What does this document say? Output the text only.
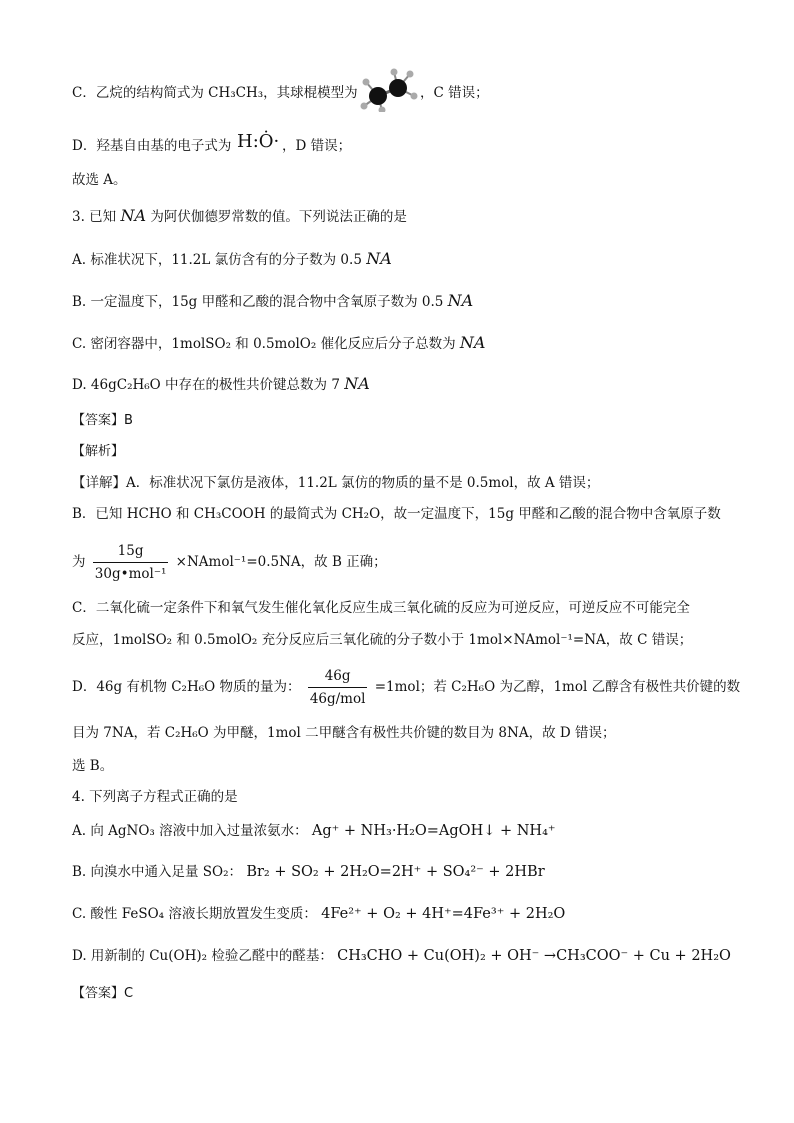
C．乙烷的结构简式为 CH₃CH₃，其球棍模型为	，C 错误；
D．羟基自由基的电子式为 H:Ȯ· ，D 错误；
故选 A。
3. 已知 NA 为阿伏伽德罗常数的值。下列说法正确的是
A. 标准状况下，11.2L 氯仿含有的分子数为 0.5 NA
B. 一定温度下，15g 甲醛和乙酸的混合物中含氧原子数为 0.5 NA
C. 密闭容器中，1molSO₂ 和 0.5molO₂ 催化反应后分子总数为 NA
D. 46gC₂H₆O 中存在的极性共价键总数为 7 NA
【答案】B
【解析】
【详解】A．标准状况下氯仿是液体，11.2L 氯仿的物质的量不是 0.5mol，故 A 错误；
B．已知 HCHO 和 CH₃COOH 的最简式为 CH₂O，故一定温度下，15g 甲醛和乙酸的混合物中含氧原子数
为 $\frac{15g}{\text{30g•mol⁻¹}}$ ×NAmol⁻¹=0.5NA，故 B 正确；
C．二氧化硫一定条件下和氧气发生催化氧化反应生成三氧化硫的反应为可逆反应，可逆反应不可能完全
反应，1molSO₂ 和 0.5molO₂ 充分反应后三氧化硫的分子数小于 1mol×NAmol⁻¹=NA，故 C 错误；
D．46g 有机物 C₂H₆O 物质的量为： $\frac{46g}{\text{46g/mol}} =1mol$；若 C₂H₆O 为乙醇，1mol 乙醇含有极性共价键的数
目为 7NA，若 C₂H₆O 为甲醚，1mol 二甲醚含有极性共价键的数目为 8NA，故 D 错误；
选 B。
4. 下列离子方程式正确的是
A. 向 AgNO₃ 溶液中加入过量浓氨水： Ag⁺ + NH₃·H₂O=AgOH↓ + NH₄⁺
B. 向溴水中通入足量 SO₂： Br₂ + SO₂ + 2H₂O=2H⁺ + SO₄²⁻ + 2HBr
C. 酸性 FeSO₄ 溶液长期放置发生变质： 4Fe²⁺ + O₂ + 4H⁺=4Fe³⁺ + 2H₂O
D. 用新制的 Cu(OH)₂ 检验乙醛中的醛基： CH₃CHO + Cu(OH)₂ + OH⁻ →CH₃COO⁻ + Cu + 2H₂O
【答案】C
